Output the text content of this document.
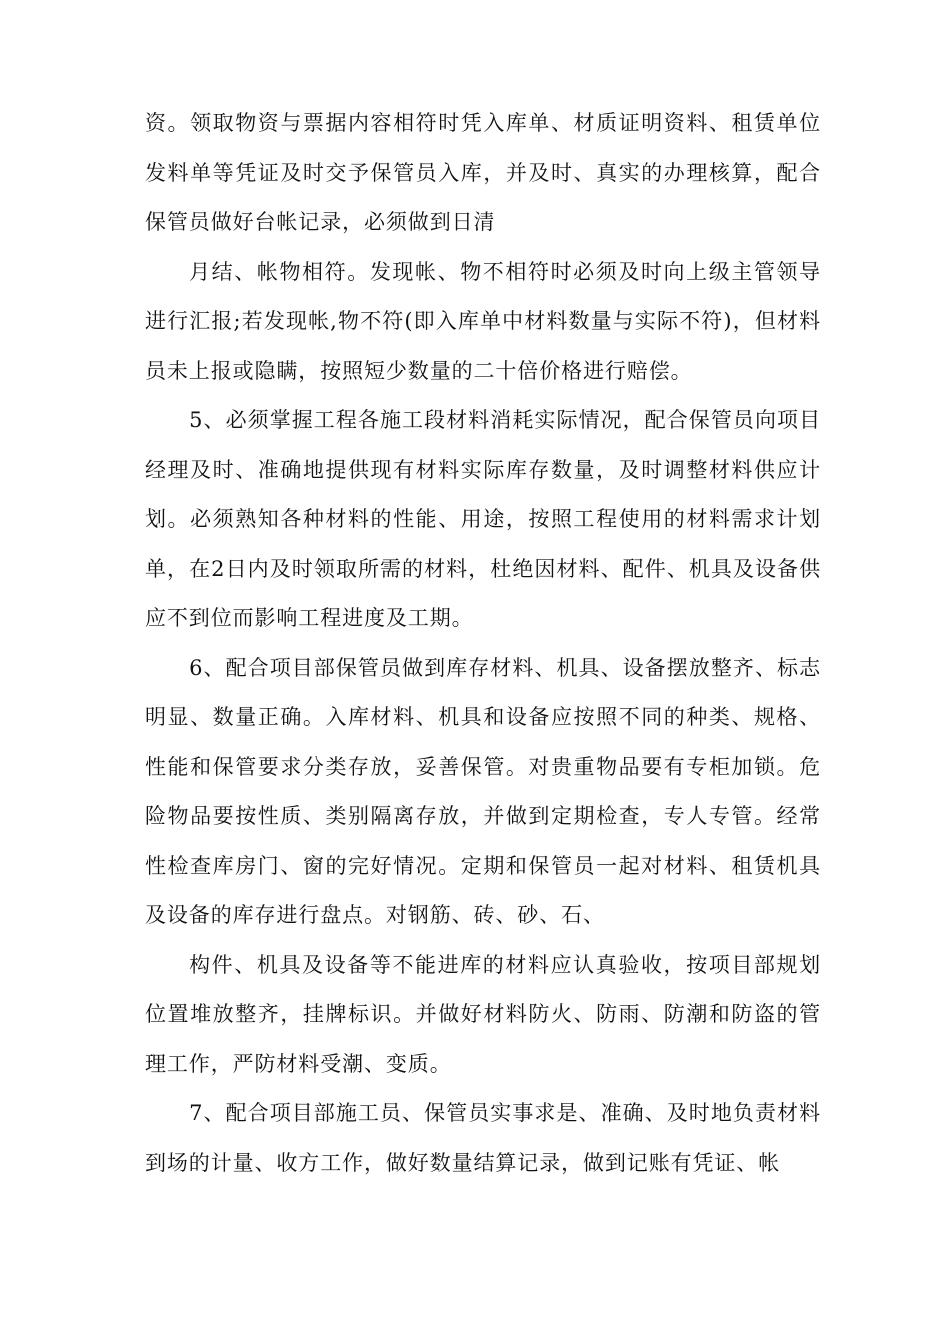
资。领取物资与票据内容相符时凭入库单、材质证明资料、租赁单位发料单等凭证及时交予保管员入库，并及时、真实的办理核算，配合保管员做好台帐记录，必须做到日清

月结、帐物相符。发现帐、物不相符时必须及时向上级主管领导进行汇报;若发现帐,物不符(即入库单中材料数量与实际不符)，但材料员未上报或隐瞒，按照短少数量的二十倍价格进行赔偿。

5、必须掌握工程各施工段材料消耗实际情况，配合保管员向项目经理及时、准确地提供现有材料实际库存数量，及时调整材料供应计划。必须熟知各种材料的性能、用途，按照工程使用的材料需求计划单，在2日内及时领取所需的材料，杜绝因材料、配件、机具及设备供应不到位而影响工程进度及工期。

6、配合项目部保管员做到库存材料、机具、设备摆放整齐、标志明显、数量正确。入库材料、机具和设备应按照不同的种类、规格、性能和保管要求分类存放，妥善保管。对贵重物品要有专柜加锁。危险物品要按性质、类别隔离存放，并做到定期检查，专人专管。经常性检查库房门、窗的完好情况。定期和保管员一起对材料、租赁机具及设备的库存进行盘点。对钢筋、砖、砂、石、

构件、机具及设备等不能进库的材料应认真验收，按项目部规划位置堆放整齐，挂牌标识。并做好材料防火、防雨、防潮和防盗的管理工作，严防材料受潮、变质。

7、配合项目部施工员、保管员实事求是、准确、及时地负责材料到场的计量、收方工作，做好数量结算记录，做到记账有凭证、帐
